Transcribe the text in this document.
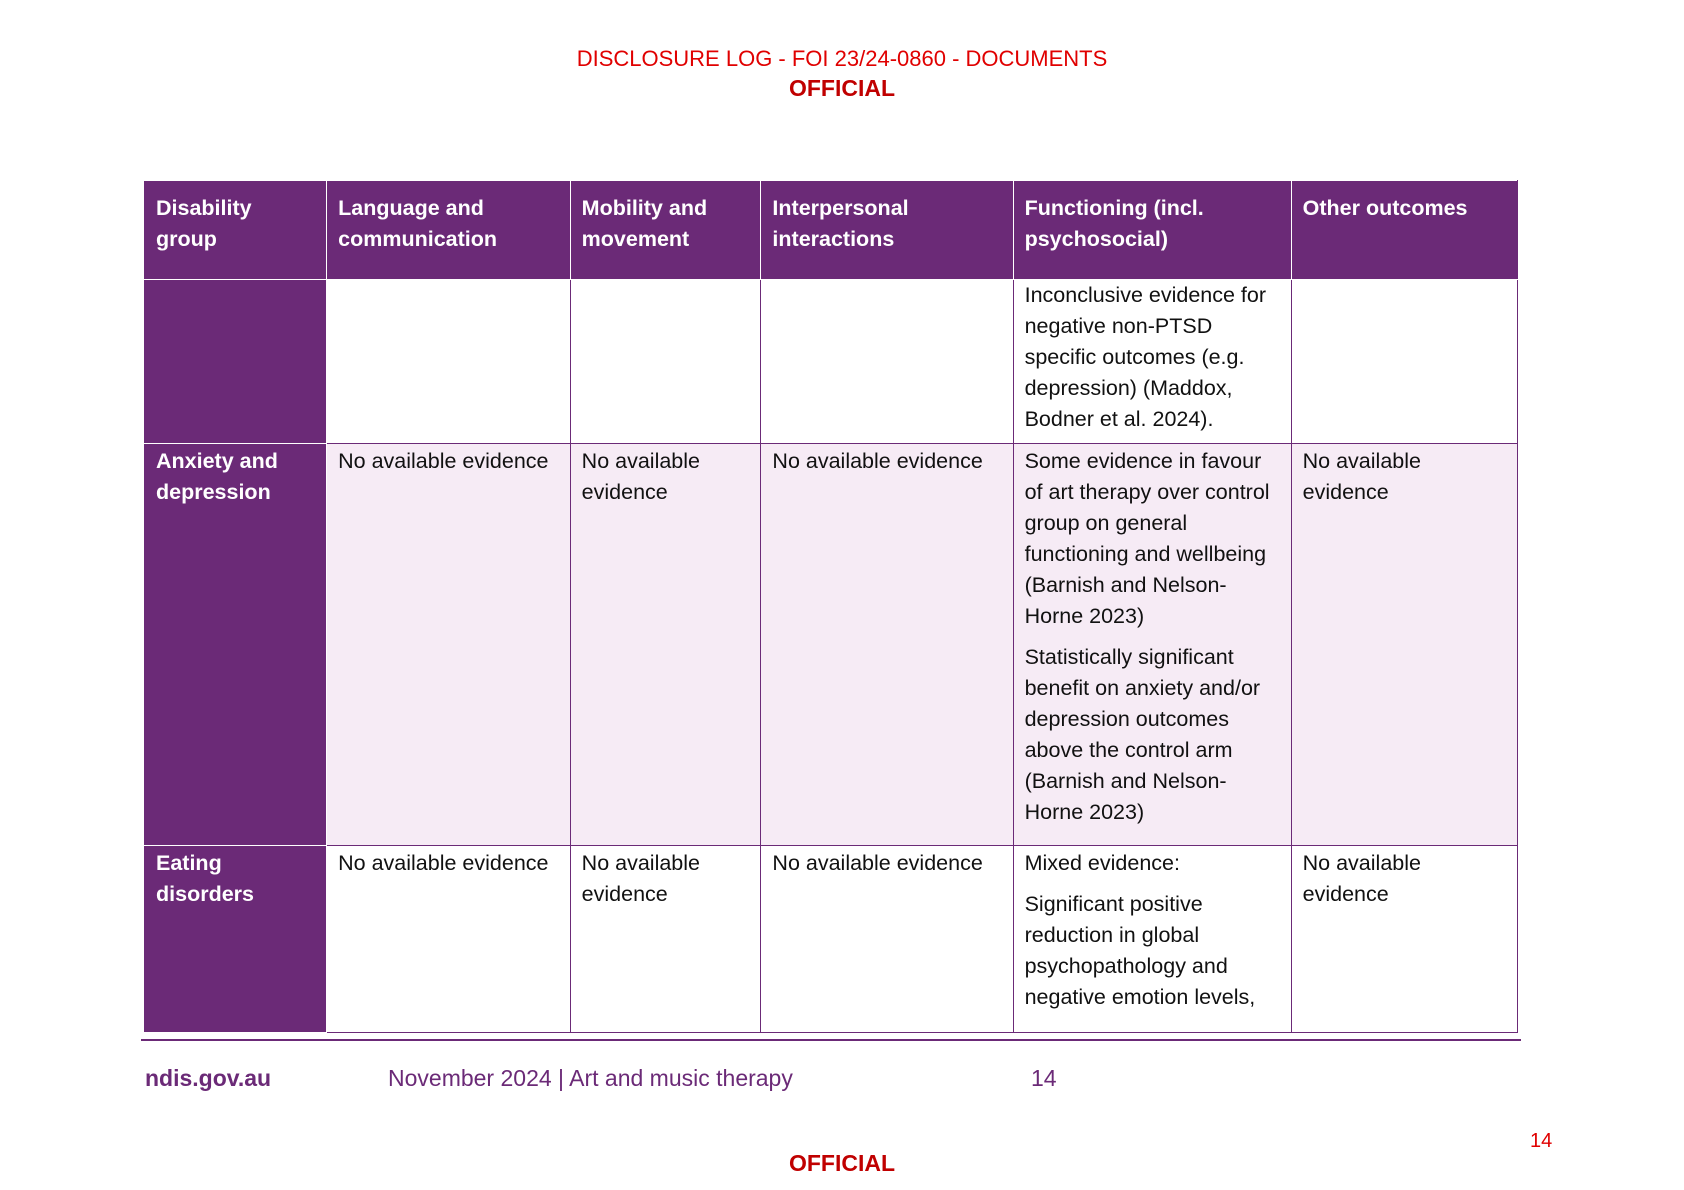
DISCLOSURE LOG - FOI 23/24-0860 - DOCUMENTS
OFFICIAL
Disability group	Language and communication	Mobility and movement	Interpersonal interactions	Functioning (incl. psychosocial)	Other outcomes

				Inconclusive evidence for negative non-PTSD specific outcomes (e.g. depression) (Maddox, Bodner et al. 2024).	

Anxiety and depression	No available evidence	No available evidence	No available evidence	Some evidence in favour of art therapy over control group on general functioning and wellbeing (Barnish and Nelson-Horne 2023)

Statistically significant benefit on anxiety and/or depression outcomes above the control arm (Barnish and Nelson-Horne 2023)	No available evidence
Eating disorders	No available evidence	No available evidence	No available evidence	Mixed evidence:

Significant positive reduction in global psychopathology and negative emotion levels,	No available evidence
ndis.gov.au	November 2024 | Art and music therapy	14
14
OFFICIAL
